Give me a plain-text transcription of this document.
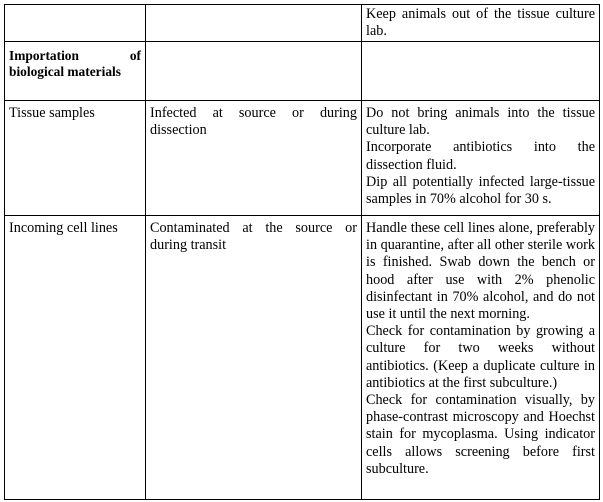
		Keep animals out of the tissue culture lab.

Importation of biological materials		
Tissue samples	Infected at source or during dissection	Do not bring animals into the tissue culture lab.
Incorporate antibiotics into the dissection fluid.
Dip all potentially infected large-tissue samples in 70% alcohol for 30 s.

Incoming cell lines	Contaminated at the source or during transit	Handle these cell lines alone, preferably in quarantine, after all other sterile work is finished. Swab down the bench or hood after use with 2% phenolic disinfectant in 70% alcohol, and do not use it until the next morning.
Check for contamination by growing a culture for two weeks without antibiotics. (Keep a duplicate culture in antibiotics at the first subculture.)
Check for contamination visually, by phase-contrast microscopy and Hoechst stain for mycoplasma. Using indicator cells allows screening before first subculture.
